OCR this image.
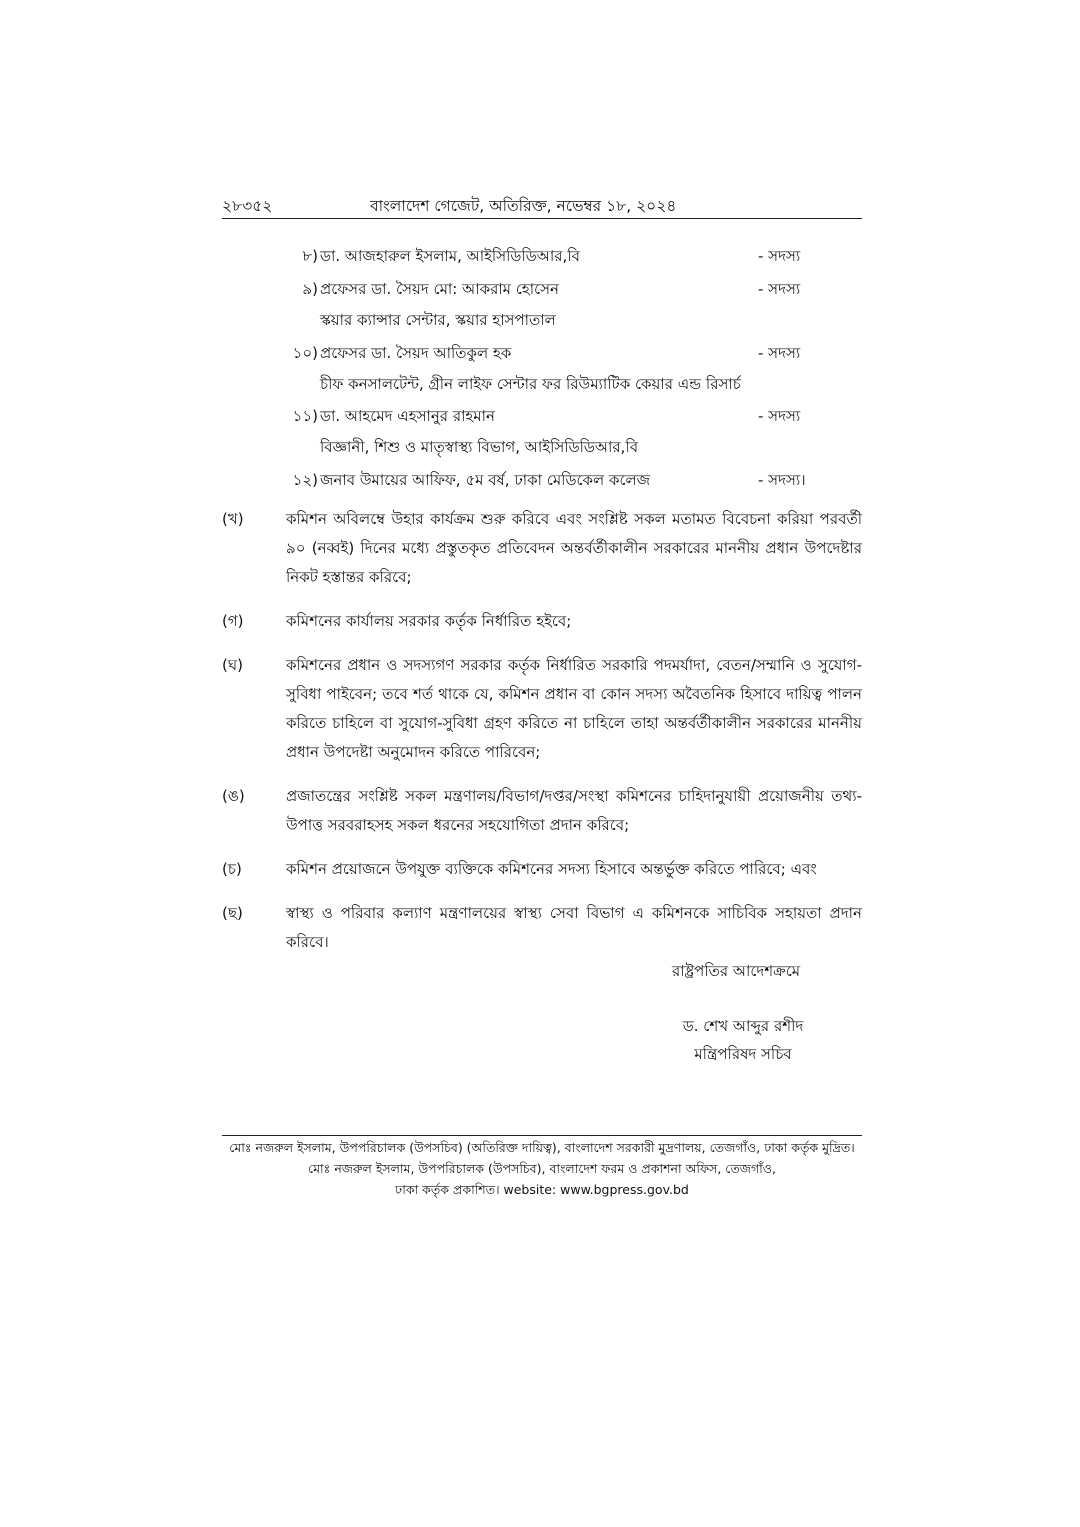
২৮৩৫২	বাংলাদেশ গেজেট, অতিরিক্ত, নভেম্বর ১৮, ২০২৪
৮) ডা. আজহারুল ইসলাম, আইসিডিডিআর,বি	- সদস্য
৯) প্রফেসর ডা. সৈয়দ মো: আকরাম হোসেন	- সদস্য
স্কয়ার ক্যান্সার সেন্টার, স্কয়ার হাসপাতাল
১০) প্রফেসর ডা. সৈয়দ আতিকুল হক	- সদস্য
চীফ কনসালটেন্ট, গ্রীন লাইফ সেন্টার ফর রিউম্যাটিক কেয়ার এন্ড রিসার্চ
১১) ডা. আহমেদ এহসানুর রাহমান	- সদস্য
বিজ্ঞানী, শিশু ও মাতৃস্বাস্থ্য বিভাগ, আইসিডিডিআর,বি
১২) জনাব উমায়ের আফিফ, ৫ম বর্ষ, ঢাকা মেডিকেল কলেজ	- সদস্য।
(খ)	কমিশন অবিলম্বে উহার কার্যক্রম শুরু করিবে এবং সংশ্লিষ্ট সকল মতামত বিবেচনা করিয়া পরবর্তী ৯০ (নব্বই) দিনের মধ্যে প্রস্তুতকৃত প্রতিবেদন অন্তর্বর্তীকালীন সরকারের মাননীয় প্রধান উপদেষ্টার নিকট হস্তান্তর করিবে;
(গ)	কমিশনের কার্যালয় সরকার কর্তৃক নির্ধারিত হইবে;
(ঘ)	কমিশনের প্রধান ও সদস্যগণ সরকার কর্তৃক নির্ধারিত সরকারি পদমর্যাদা, বেতন/সম্মানি ও সুযোগ-সুবিধা পাইবেন; তবে শর্ত থাকে যে, কমিশন প্রধান বা কোন সদস্য অবৈতনিক হিসাবে দায়িত্ব পালন করিতে চাহিলে বা সুযোগ-সুবিধা গ্রহণ করিতে না চাহিলে তাহা অন্তর্বর্তীকালীন সরকারের মাননীয় প্রধান উপদেষ্টা অনুমোদন করিতে পারিবেন;
(ঙ)	প্রজাতন্ত্রের সংশ্লিষ্ট সকল মন্ত্রণালয়/বিভাগ/দপ্তর/সংস্থা কমিশনের চাহিদানুযায়ী প্রয়োজনীয় তথ্য-উপাত্ত সরবরাহসহ সকল ধরনের সহযোগিতা প্রদান করিবে;
(চ)	কমিশন প্রয়োজনে উপযুক্ত ব্যক্তিকে কমিশনের সদস্য হিসাবে অন্তর্ভুক্ত করিতে পারিবে; এবং
(ছ)	স্বাস্থ্য ও পরিবার কল্যাণ মন্ত্রণালয়ের স্বাস্থ্য সেবা বিভাগ এ কমিশনকে সাচিবিক সহায়তা প্রদান করিবে।
রাষ্ট্রপতির আদেশক্রমে
ড. শেখ আব্দুর রশীদ
মন্ত্রিপরিষদ সচিব
মোঃ নজরুল ইসলাম, উপপরিচালক (উপসচিব) (অতিরিক্ত দায়িত্ব), বাংলাদেশ সরকারী মুদ্রণালয়, তেজগাঁও, ঢাকা কর্তৃক মুদ্রিত।
মোঃ নজরুল ইসলাম, উপপরিচালক (উপসচিব), বাংলাদেশ ফরম ও প্রকাশনা অফিস, তেজগাঁও,
ঢাকা কর্তৃক প্রকাশিত। website: www.bgpress.gov.bd
